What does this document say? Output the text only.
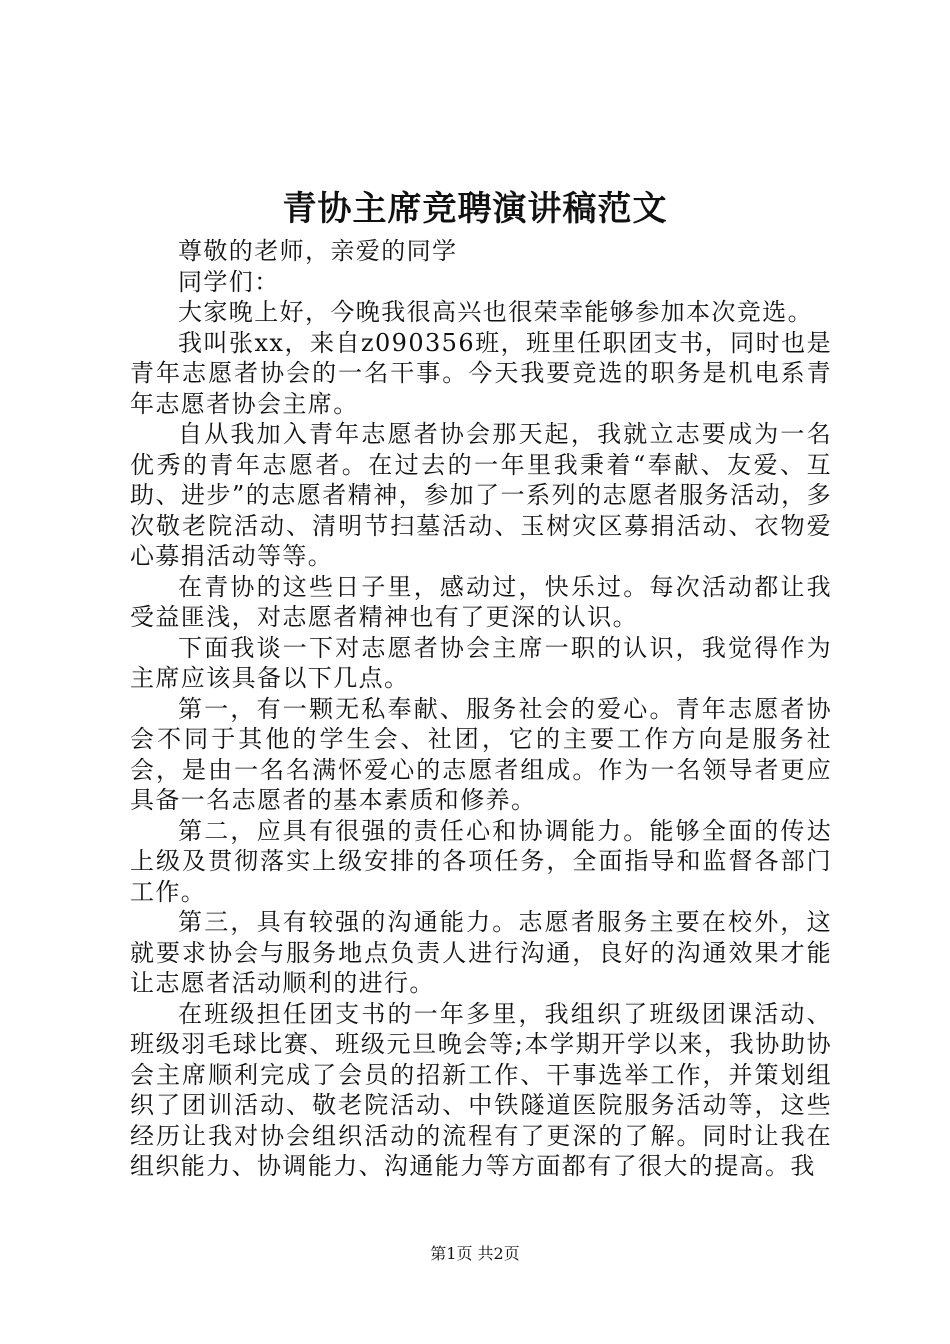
青协主席竞聘演讲稿范文

尊敬的老师，亲爱的同学

同学们：

大家晚上好，今晚我很高兴也很荣幸能够参加本次竞选。

我叫张xx，来自z090356班，班里任职团支书，同时也是青年志愿者协会的一名干事。今天我要竞选的职务是机电系青年志愿者协会主席。

自从我加入青年志愿者协会那天起，我就立志要成为一名优秀的青年志愿者。在过去的一年里我秉着“奉献、友爱、互助、进步”的志愿者精神，参加了一系列的志愿者服务活动，多次敬老院活动、清明节扫墓活动、玉树灾区募捐活动、衣物爱心募捐活动等等。

在青协的这些日子里，感动过，快乐过。每次活动都让我受益匪浅，对志愿者精神也有了更深的认识。

下面我谈一下对志愿者协会主席一职的认识，我觉得作为主席应该具备以下几点。

第一，有一颗无私奉献、服务社会的爱心。青年志愿者协会不同于其他的学生会、社团，它的主要工作方向是服务社会，是由一名名满怀爱心的志愿者组成。作为一名领导者更应具备一名志愿者的基本素质和修养。

第二，应具有很强的责任心和协调能力。能够全面的传达上级及贯彻落实上级安排的各项任务，全面指导和监督各部门工作。

第三，具有较强的沟通能力。志愿者服务主要在校外，这就要求协会与服务地点负责人进行沟通，良好的沟通效果才能让志愿者活动顺利的进行。

在班级担任团支书的一年多里，我组织了班级团课活动、班级羽毛球比赛、班级元旦晚会等;本学期开学以来，我协助协会主席顺利完成了会员的招新工作、干事选举工作，并策划组织了团训活动、敬老院活动、中铁隧道医院服务活动等，这些经历让我对协会组织活动的流程有了更深的了解。同时让我在组织能力、协调能力、沟通能力等方面都有了很大的提高。我

第1页 共2页
